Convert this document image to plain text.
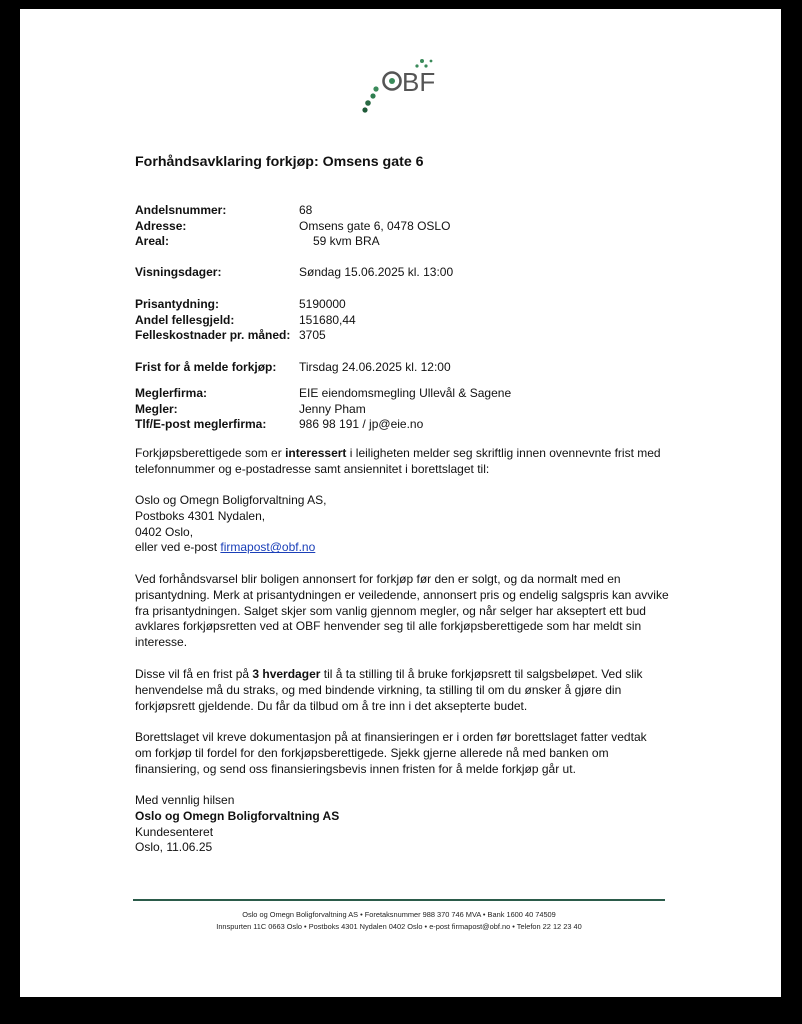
BF
Forhåndsavklaring forkjøp: Omsens gate 6
Andelsnummer:	68
Adresse:	Omsens gate 6, 0478 OSLO
Areal:	59 kvm BRA
Visningsdager:	Søndag 15.06.2025 kl. 13:00
Prisantydning:	5190000
Andel fellesgjeld:	151680,44
Felleskostnader pr. måned: 3705
Frist for å melde forkjøp:	Tirsdag 24.06.2025 kl. 12:00
Meglerfirma:	EIE eiendomsmegling Ullevål & Sagene
Megler:	Jenny Pham
Tlf/E-post meglerfirma:	986 98 191 / jp@eie.no

Forkjøpsberettigede som er interessert i leiligheten melder seg skriftlig innen ovennevnte frist med
telefonnummer og e-postadresse samt ansiennitet i borettslaget til:

Oslo og Omegn Boligforvaltning AS,
Postboks 4301 Nydalen,
0402 Oslo,
eller ved e-post firmapost@obf.no

Ved forhåndsvarsel blir boligen annonsert for forkjøp før den er solgt, og da normalt med en
prisantydning. Merk at prisantydningen er veiledende, annonsert pris og endelig salgspris kan avvike
fra prisantydningen. Salget skjer som vanlig gjennom megler, og når selger har akseptert ett bud
avklares forkjøpsretten ved at OBF henvender seg til alle forkjøpsberettigede som har meldt sin
interesse.

Disse vil få en frist på 3 hverdager til å ta stilling til å bruke forkjøpsrett til salgsbeløpet. Ved slik
henvendelse må du straks, og med bindende virkning, ta stilling til om du ønsker å gjøre din
forkjøpsrett gjeldende. Du får da tilbud om å tre inn i det aksepterte budet.

Borettslaget vil kreve dokumentasjon på at finansieringen er i orden før borettslaget fatter vedtak
om forkjøp til fordel for den forkjøpsberettigede. Sjekk gjerne allerede nå med banken om
finansiering, og send oss finansieringsbevis innen fristen for å melde forkjøp går ut.

Med vennlig hilsen
Oslo og Omegn Boligforvaltning AS
Kundesenteret
Oslo, 11.06.25

Oslo og Omegn Boligforvaltning AS • Foretaksnummer 988 370 746 MVA • Bank 1600 40 74509
Innspurten 11C 0663 Oslo • Postboks 4301 Nydalen 0402 Oslo • e-post firmapost@obf.no • Telefon 22 12 23 40
